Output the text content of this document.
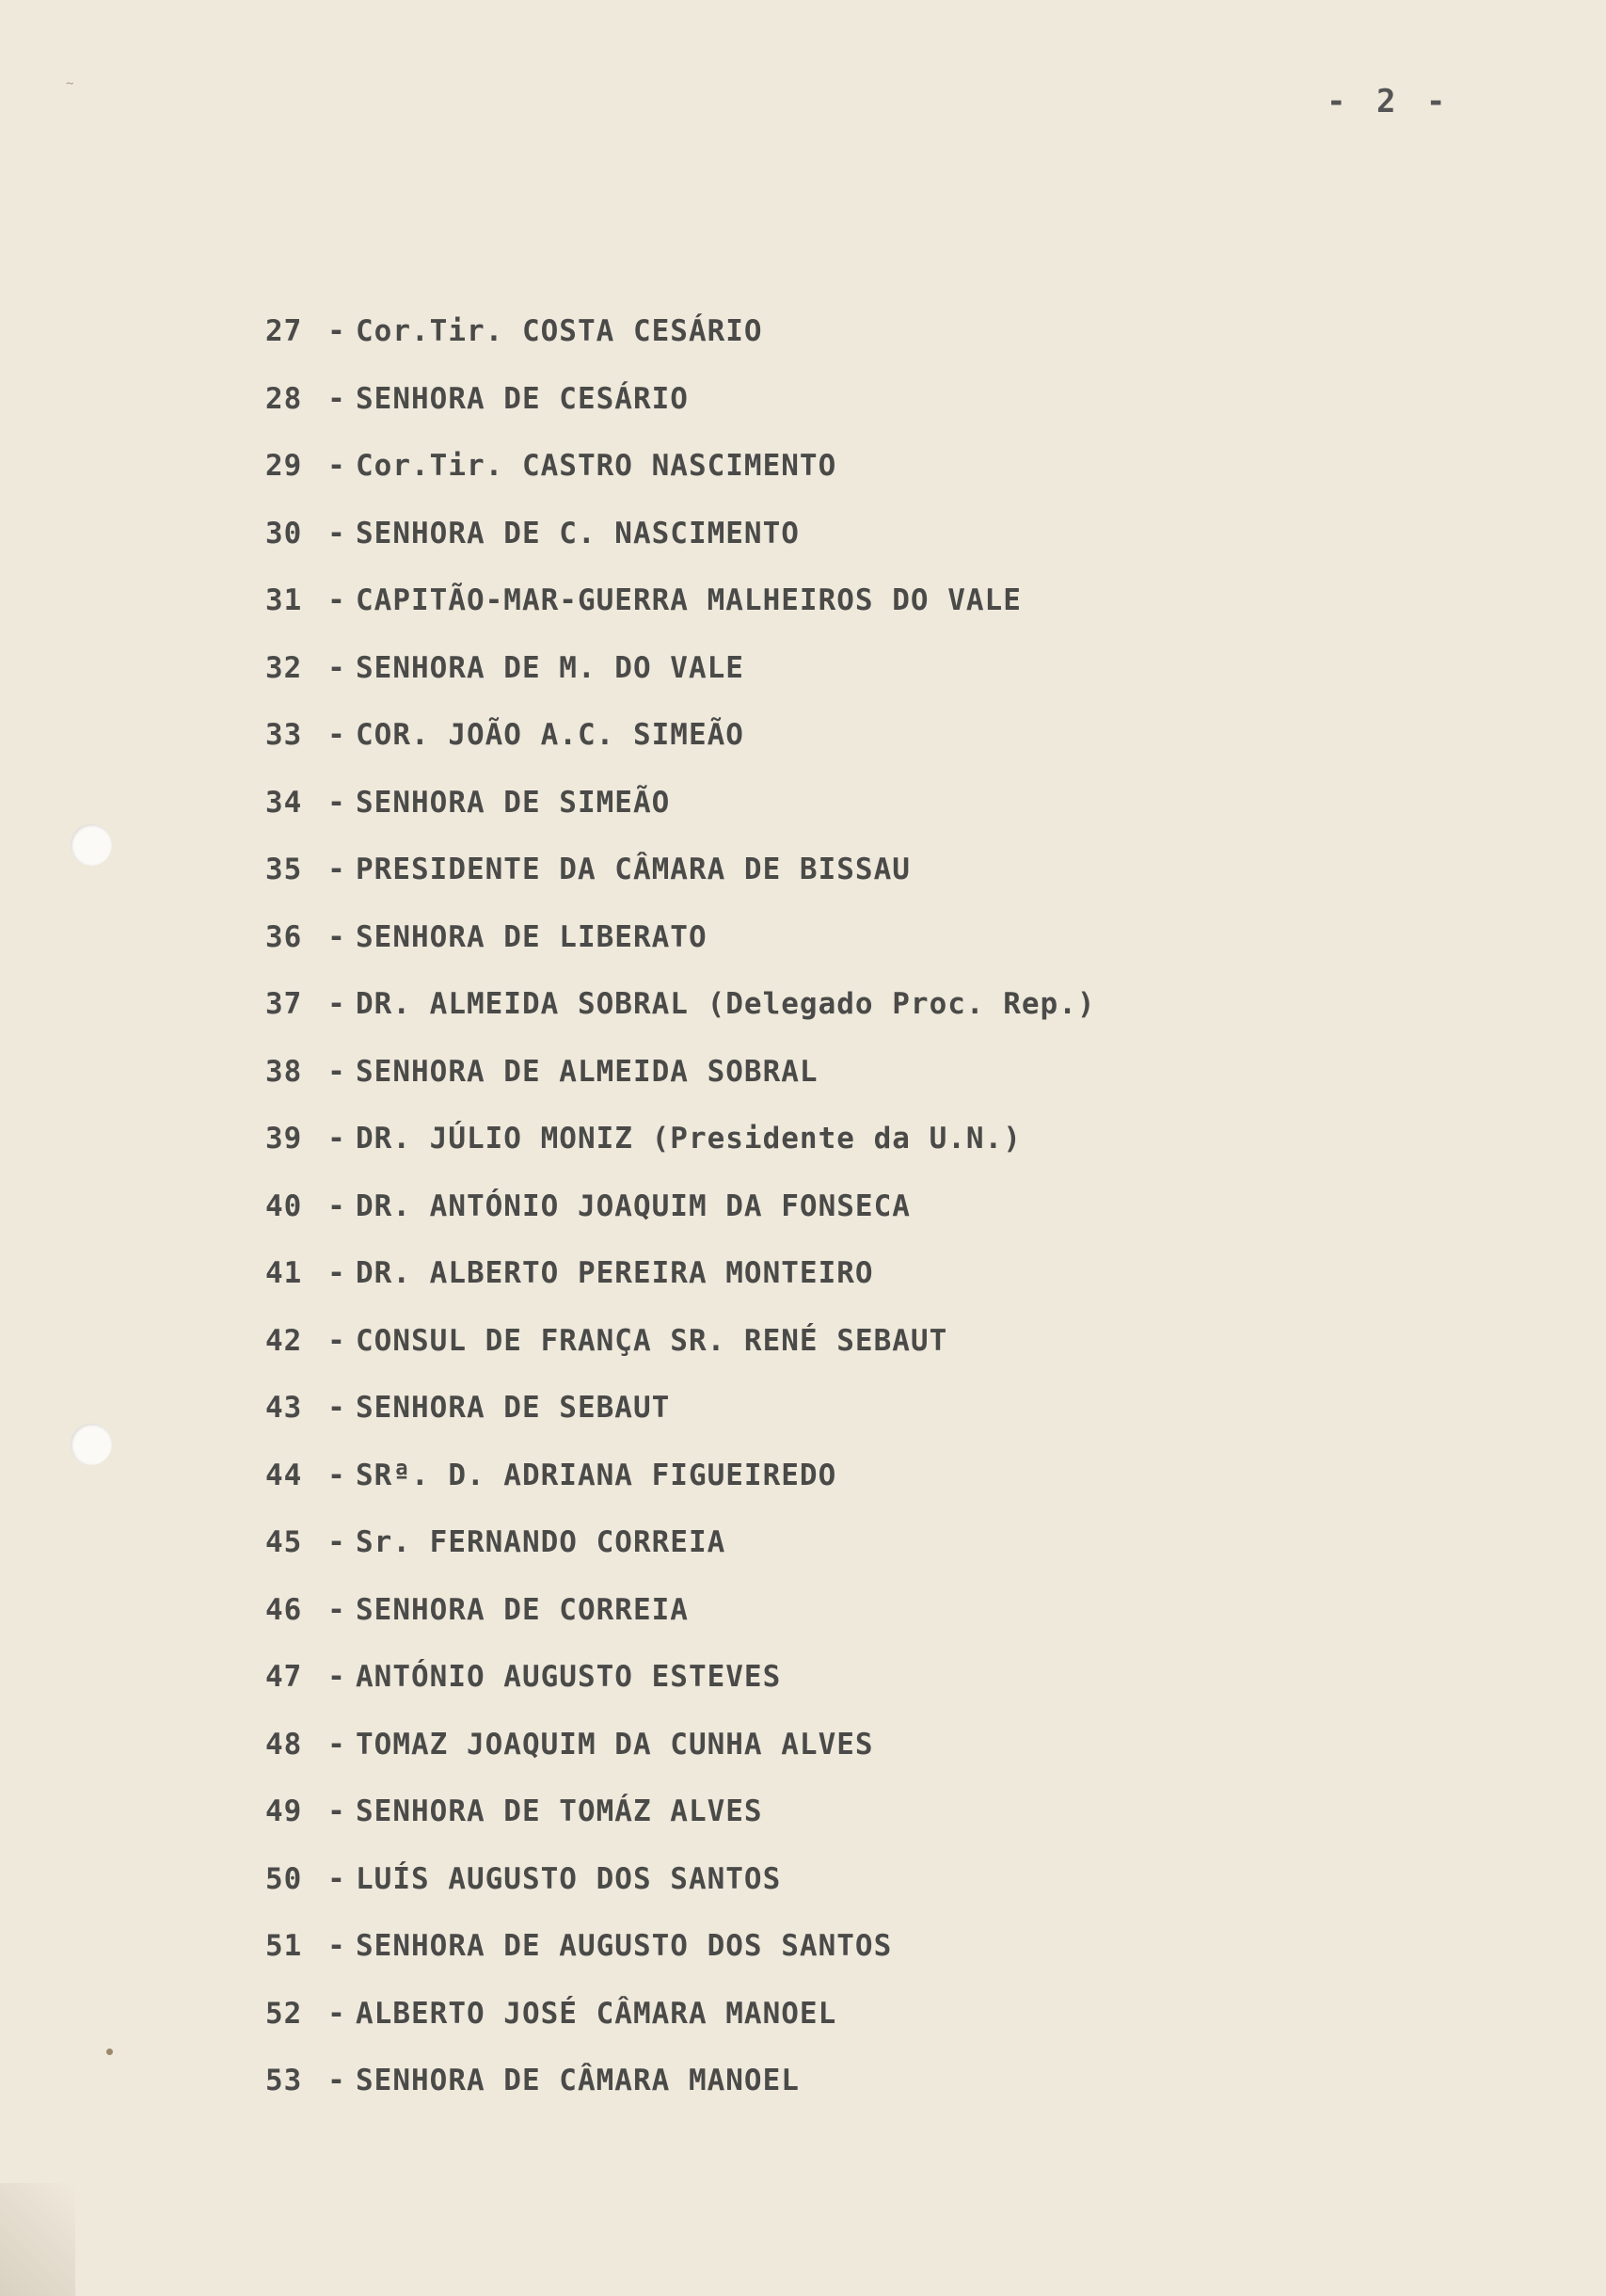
~	- 2 -
27 - Cor.Tir. COSTA CESÁRIO
28 - SENHORA DE CESÁRIO
29 - Cor.Tir. CASTRO NASCIMENTO
30 - SENHORA DE C. NASCIMENTO
31 - CAPITÃO-MAR-GUERRA MALHEIROS DO VALE
32 - SENHORA DE M. DO VALE
33 - COR. JOÃO A.C. SIMEÃO
34 - SENHORA DE SIMEÃO
35 - PRESIDENTE DA CÂMARA DE BISSAU
36 - SENHORA DE LIBERATO
37 - DR. ALMEIDA SOBRAL (Delegado Proc. Rep.)
38 - SENHORA DE ALMEIDA SOBRAL
39 - DR. JÚLIO MONIZ (Presidente da U.N.)
40 - DR. ANTÓNIO JOAQUIM DA FONSECA
41 - DR. ALBERTO PEREIRA MONTEIRO
42 - CONSUL DE FRANÇA SR. RENÉ SEBAUT
43 - SENHORA DE SEBAUT
44 - SRª. D. ADRIANA FIGUEIREDO
45 - Sr. FERNANDO CORREIA
46 - SENHORA DE CORREIA
47 - ANTÓNIO AUGUSTO ESTEVES
48 - TOMAZ JOAQUIM DA CUNHA ALVES
49 - SENHORA DE TOMÁZ ALVES
50 - LUÍS AUGUSTO DOS SANTOS
51 - SENHORA DE AUGUSTO DOS SANTOS
52 - ALBERTO JOSÉ CÂMARA MANOEL
53 - SENHORA DE CÂMARA MANOEL
